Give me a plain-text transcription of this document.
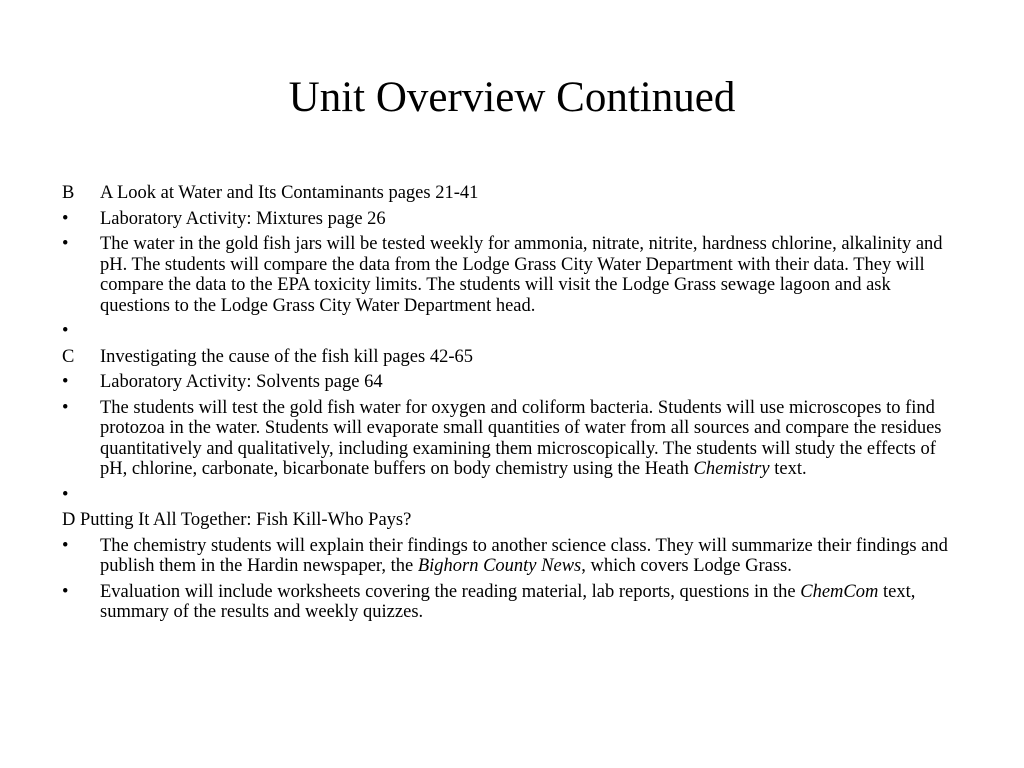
Unit Overview Continued
B A Look at Water and Its Contaminants pages 21-41
• Laboratory Activity: Mixtures page 26
• The water in the gold fish jars will be tested weekly for ammonia, nitrate, nitrite, hardness chlorine, alkalinity and pH. The students will compare the data from the Lodge Grass City Water Department with their data. They will compare the data to the EPA toxicity limits. The students will visit the Lodge Grass sewage lagoon and ask questions to the Lodge Grass City Water Department head.
•
C Investigating the cause of the fish kill pages 42-65
• Laboratory Activity: Solvents page 64
• The students will test the gold fish water for oxygen and coliform bacteria. Students will use microscopes to find protozoa in the water. Students will evaporate small quantities of water from all sources and compare the residues quantitatively and qualitatively, including examining them microscopically. The students will study the effects of pH, chlorine, carbonate, bicarbonate buffers on body chemistry using the Heath Chemistry text.
•
D Putting It All Together: Fish Kill-Who Pays?
• The chemistry students will explain their findings to another science class. They will summarize their findings and publish them in the Hardin newspaper, the Bighorn County News, which covers Lodge Grass.
• Evaluation will include worksheets covering the reading material, lab reports, questions in the ChemCom text, summary of the results and weekly quizzes.
